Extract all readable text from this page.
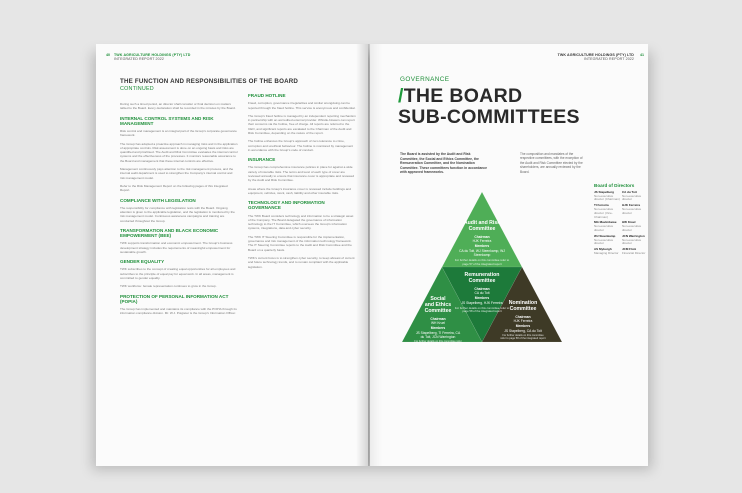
40 TWK AGRICULTURE HOLDINGS (PTY) LTD
INTEGRATED REPORT 2022
THE FUNCTION AND RESPONSIBILITIES OF THE BOARD
CONTINUED

During such a timed period, an director shall consider or final decision on matters tabled to the Board. Every declaration shall be recorded in the minutes by the Board.

INTERNAL CONTROL SYSTEMS AND RISK MANAGEMENT

Risk control and management is an integral part of the Group's corporate governance framework.

The Group has adopted a proactive approach in managing risks and in the application of appropriate controls. Risk assessment is done on an ongoing basis and risks are quantified and prioritised. The Audit and Risk Committee evaluates the internal control systems and the effectiveness of the processes. It monitors reasonable assurance to the Board and management that these internal controls are effective.

Management continuously pays attention to the risk management process, and the internal audit department is used to strengthen the Company's internal control and risk management model.

Refer to the Risk Management Report on the following pages of this Integrated Report.

COMPLIANCE WITH LEGISLATION

The responsibility for compliance with legislation rests with the Board. Ongoing attention is given to the applicable legislation, and the legislation is monitored by the risk management model. Continuous awareness campaigns and training are conducted throughout the Group.

TRANSFORMATION AND BLACK ECONOMIC EMPOWERMENT (BEE)

TWK supports transformation and economic empowerment. The Group's business development strategy includes the requirements of meaningful empowerment for sustainable growth.

GENDER EQUALITY

TWK subscribes to the concept of creating equal opportunities for all employees and subscribes to the principle of equal pay for equal work. In all areas, management is committed to gender equality.

TWK workforce: female representation continues to grow in the Group.

PROTECTION OF PERSONAL INFORMATION ACT (POPIA)

The Group has implemented and maintains its compliance with the POPIA through its information compliance division. Mr. W.J. Potgieter is the Group's Information Officer.

FRAUD HOTLINE

Fraud, corruption, governance irregularities and similar wrongdoing can be reported through the fraud hotline. This service is anonymous and confidential.

The Group's fraud hotline is managed by an independent reporting mechanism in partnership with an accredited external provider. Whistle-blowers can report their concerns via the hotline, free of charge. All reports are referred to the CEO, and significant reports are escalated to the Chairman of the Audit and Risk Committee, depending on the nature of the report.

The hotline enhances the Group's approach of zero tolerance to crime, corruption and unethical behaviour. The hotline is monitored by management in accordance with the Group's code of conduct.

INSURANCE

The Group has comprehensive insurance policies in place for against a wide variety of insurable risks. The terms and level of each type of cover are reviewed annually to ensure that insurance cover is appropriate and reviewed by the Audit and Risk Committee.

Areas where the Group's insurance cover is reviewed include buildings and equipment, vehicles, stock, cash, liability and other insurable risks.

TECHNOLOGY AND INFORMATION GOVERNANCE

The TWK Board considers technology and information to be a strategic asset of the Company. The Board delegated the governance of information technology to the IT Committee, which oversees the Group's information systems, integrations, data and cyber security.

The TWK IT Steering Committee is responsible for the implementation, governance and risk management of the information technology framework. The IT Steering Committee reports to the Audit and Risk Committee and the Board on a quarterly basis.

TWK's current focus is to strengthen cyber security, to keep abreast of current and future technology trends, and to remain compliant with the applicable legislation.

41
TWK AGRICULTURE HOLDINGS (PTY) LTD
INTEGRATED REPORT 2022
GOVERNANCE
/THE BOARD
SUB-COMMITTEES
The Board is assisted by the Audit and Risk Committee, the Social and Ethics Committee, the Remuneration Committee, and the Nomination Committee. These committees function in accordance with approved frameworks.
The composition and mandates of the respective committees, with the exception of the Audit and Risk Committee elected by the shareholders, are annually reviewed by the Board.
Audit and Risk
Committee
Chairman
HJK Ferreira
Members
CA du Toit, WJ Steenkamp, WJ Steenkamp
For further details on this committee refer to page 57 of the integrated report
Remuneration
Committee
Chairman
CA du Toit
Members
JS Stapelberg, HJK Ferreira
For further details on this committee refer to page 58 of the integrated report
Social
and Ethics
Committee
Chairman
WH Kruel
Members
JS Stapelberg, TI Ferreira, CA du Toit, JCN Warrington
For further details on this committee refer to page 59 of the integrated report
Nomination
Committee
Chairman
HJK Ferreira
Members
JS Stapelberg, CA du Toit
For further details on this committee refer to page 58 of the integrated report
Board of Directors
JS Stapelberg
Non-executive director (Chairman)
CA du Toit
Non-executive director
TI Ferreira
Non-executive director (Vice-Chairman)
HJK Ferreira
Non-executive director
MG Mavimbewe
Non-executive director
HW Kruel
Non-executive director
WJ Steenkamp
Non-executive director
JCN Warrington
Non-executive director
AS Myburgh
Managing Director
JCM Flotz
Financial Director
